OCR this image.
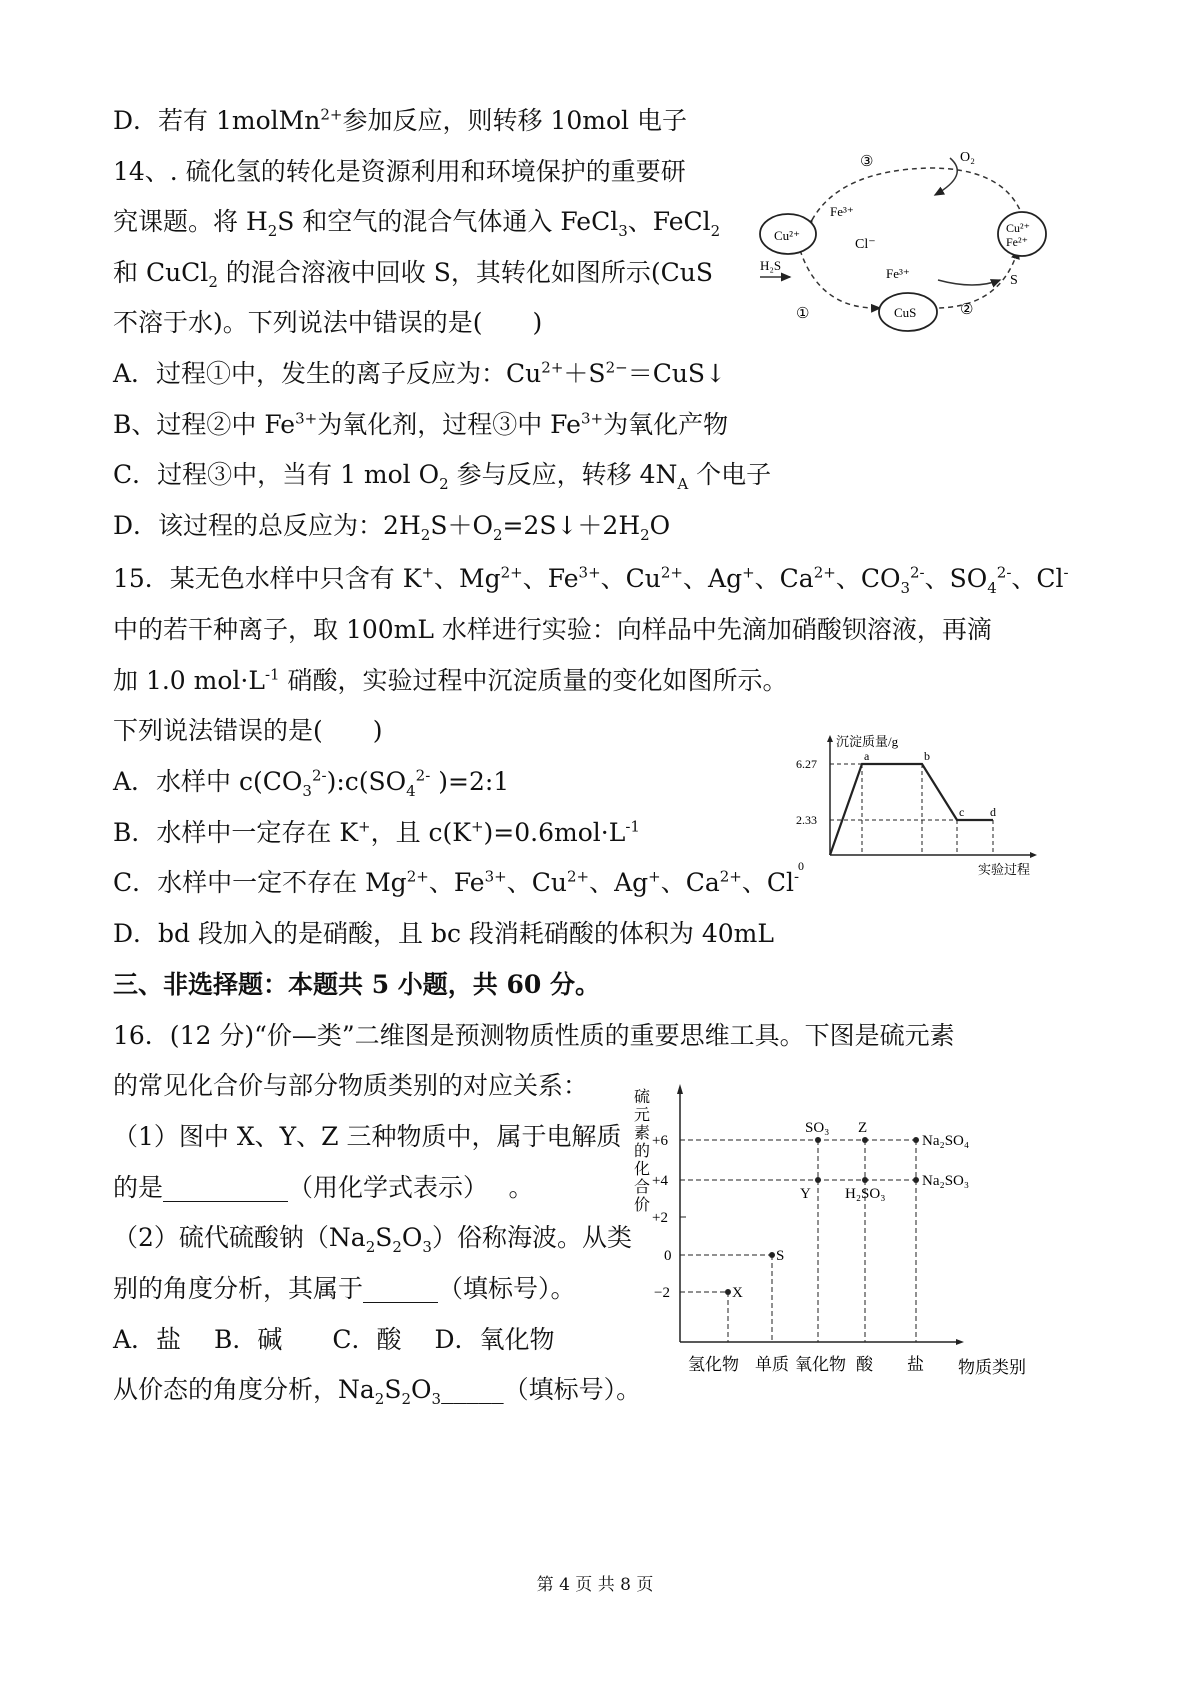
D．若有 1molMn$^{2+}$参加反应，则转移 10mol 电子
14、. 硫化氢的转化是资源利用和环境保护的重要研
究课题。将 $H_2S$ 和空气的混合气体通入 FeCl$_3$、FeCl$_2$
和 CuCl$_2$ 的混合溶液中回收 S，其转化如图所示(CuS
不溶于水)。下列说法中错误的是(　　)
A．过程①中，发生的离子反应为：$Cu^{2+}+S^{2-}=CuS↓$
B、过程②中 $Fe^{3+}$为氧化剂，过程③中 $Fe^{3+}$为氧化产物
C．过程③中，当有 1 mol $O_2$ 参与反应，转移 $4N_A$ 个电子
D．该过程的总反应为：$2H_2S+O_2=2S↓+2H_2O$
O₂
③
Fe³⁺
Cu²⁺
Cl⁻
Cu²⁺
Fe²⁺
Fe³⁺
H₂S
S
①	CuS	②
15．某无色水样中只含有 K+、$Mg^{2+}$、$Fe^{3+}$、$Cu^{2+}$、Ag+、$Ca^{2+}$、$CO_3^{2-}$、$SO_4^{2-}$、Cl-
中的若干种离子，取 100mL 水样进行实验：向样品中先滴加硝酸钡溶液，再滴
加 1.0 $mol\cdot L^{-1}$ 硝酸，实验过程中沉淀质量的变化如图所示。
下列说法错误的是(　　)
A．水样中 $c(CO_3^{2-}):c(SO_4^{2-}$ )=2:1
B．水样中一定存在 K+，且 $c(K^+)=0.6mol\cdot L^{-1}$
C．水样中一定不存在 $Mg^{2+}$、$Fe^{3+}$、$Cu^{2+}$、Ag+、$Ca^{2+}$、Cl-
D．bd 段加入的是硝酸，且 bc 段消耗硝酸的体积为 40mL
沉淀质量/g
6.27
2.33
0
a	b
c d
实验过程
三、非选择题：本题共 5 小题，共 60 分。
16．(12 分)“价—类”二维图是预测物质性质的重要思维工具。下图是硫元素
的常见化合价与部分物质类别的对应关系：
（1）图中 X、Y、Z 三种物质中，属于电解质
的是__________（用化学式表示）　 。
（2）硫代硫酸钠$(Na_2S_2O_3)$俗称海波。从类
别的角度分析，其属于______（填标号）。
A．盐　 B．碱　　C．酸　 D．氧化物
从价态的角度分析，$Na_2S_2O_3\_\_\_\_\_$（填标号）。
硫
元
素
的
化
合
价
+6
+4
+2
0
−2
SO₃ Z
Na₂SO₄
Y H₂SO₃
Na₂SO₃
S
X
氢化物 单质 氧化物 酸 盐 物质类别
第 4 页 共 8 页
